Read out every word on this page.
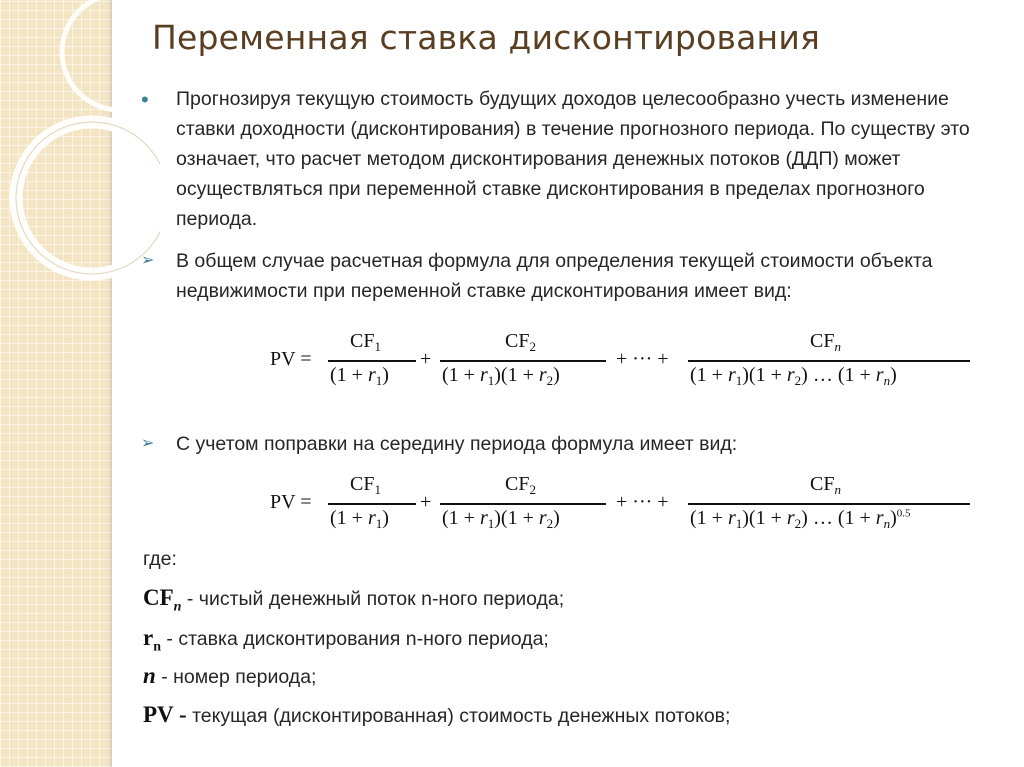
Переменная ставка дисконтирования
• Прогнозируя текущую стоимость будущих доходов целесообразно учесть изменение ставки доходности (дисконтирования) в течение прогнозного периода. По существу это означает, что расчет методом дисконтирования денежных потоков (ДДП) может осуществляться при переменной ставке дисконтирования в пределах прогнозного периода.
➢ В общем случае расчетная формула для определения текущей стоимости объекта недвижимости при переменной ставке дисконтирования имеет вид:
PV =
$CF_1$
$(1 + r_1)$
+
$CF_2$
$(1 + r_1)(1 + r_2)$
+ ··· +
$CF_n$
$(1 + r_1)(1 + r_2)$ … $(1 + r_n)$
➢ С учетом поправки на середину периода формула имеет вид:
PV =
$CF_1$
$(1 + r_1)$
+
$CF_2$
$(1 + r_1)(1 + r_2)$
+ ··· +
$CF_n$
$(1 + r_1)(1 + r_2)$ … $(1 + r_n)^{0.5}$
где:
$CF_n$ - чистый денежный поток n-ного периода;
$r_n$ - ставка дисконтирования n-ного периода;
n - номер периода;
PV - текущая (дисконтированная) стоимость денежных потоков;
